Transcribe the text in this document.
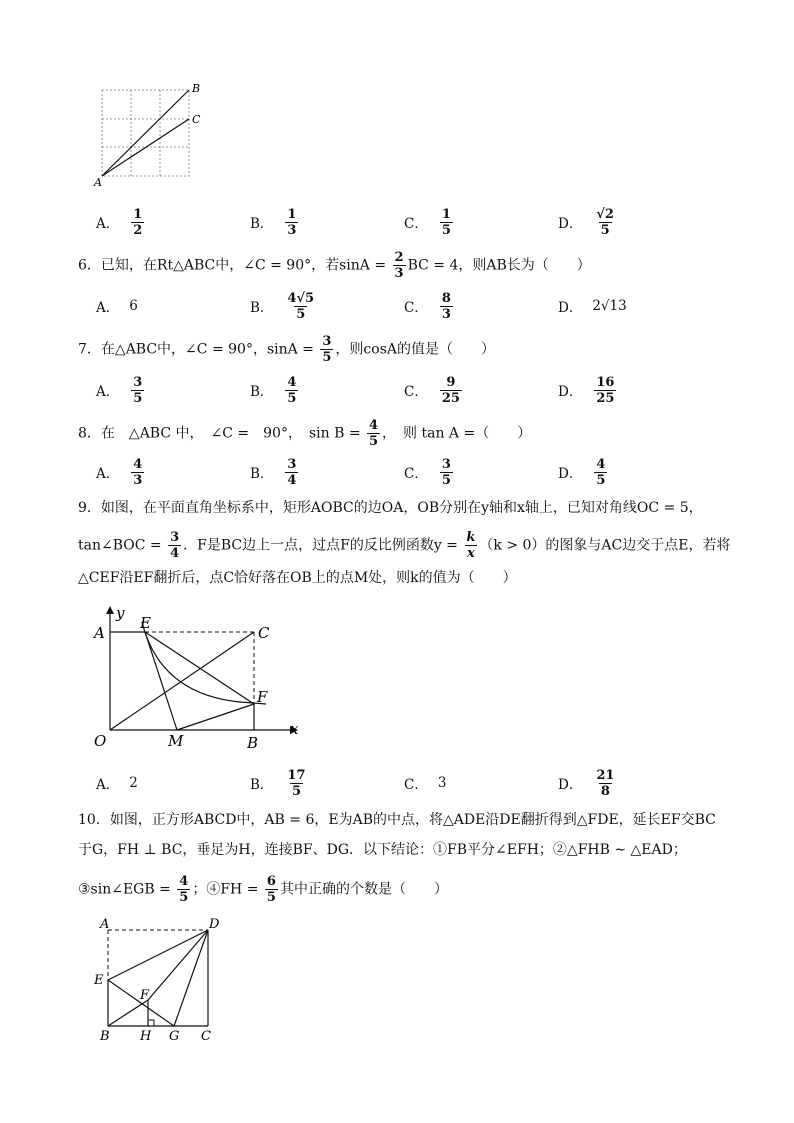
A
B
C
A． $\frac{1}{2}$	B． $\frac{1}{3}$	C． $\frac{1}{5}$	D． $\frac{√2}{5}$
6．已知，在Rt△ABC中，∠C = 90°，若$\sin A = \frac{2}{3}$ BC = 4，则AB长为（　　）
A． 6	B． $\frac{4√5}{5}$	C． $\frac{8}{3}$	D． 2√13
7．在△ABC中，∠C = 90°，$\sin A = \frac{3}{5}$ ，则cosA的值是（　　）
A． $\frac{3}{5}$	B． $\frac{4}{5}$	C． $\frac{9}{25}$	D． $\frac{16}{25}$
8．在　△ABC 中，　∠C =　90°，　$\sin B = \frac{4}{5}$ ，　则 tan A =（　　）
A． $\frac{4}{3}$	B． $\frac{3}{4}$	C． $\frac{3}{5}$	D． $\frac{4}{5}$
9．如图，在平面直角坐标系中，矩形AOBC的边OA，OB分别在y轴和x轴上，已知对角线OC = 5，
tan∠BOC = $\frac{3}{4}$ ．F是BC边上一点，过点F的反比例函数$y = \frac{k}{x} (k > 0)$的图象与AC边交于点E，若将
△CEF沿EF翻折后，点C恰好落在OB上的点M处，则k的值为（　　）
A
y
E
C
F
O	M	B
x
A． 2	B． $\frac{17}{5}$	C． 3	D． $\frac{21}{8}$
10．如图，正方形ABCD中，AB = 6，E为AB的中点，将△ADE沿DE翻折得到△FDE，延长EF交BC
于G，FH ⊥ BC，垂足为H，连接BF、DG．以下结论：①FB平分∠EFH；②△FHB ∼ △EAD；
③sin∠EGB = $\frac{4}{5}$ ；④FH = $\frac{6}{5}$ 其中正确的个数是（　　）
A	D
E
F
B H G C
